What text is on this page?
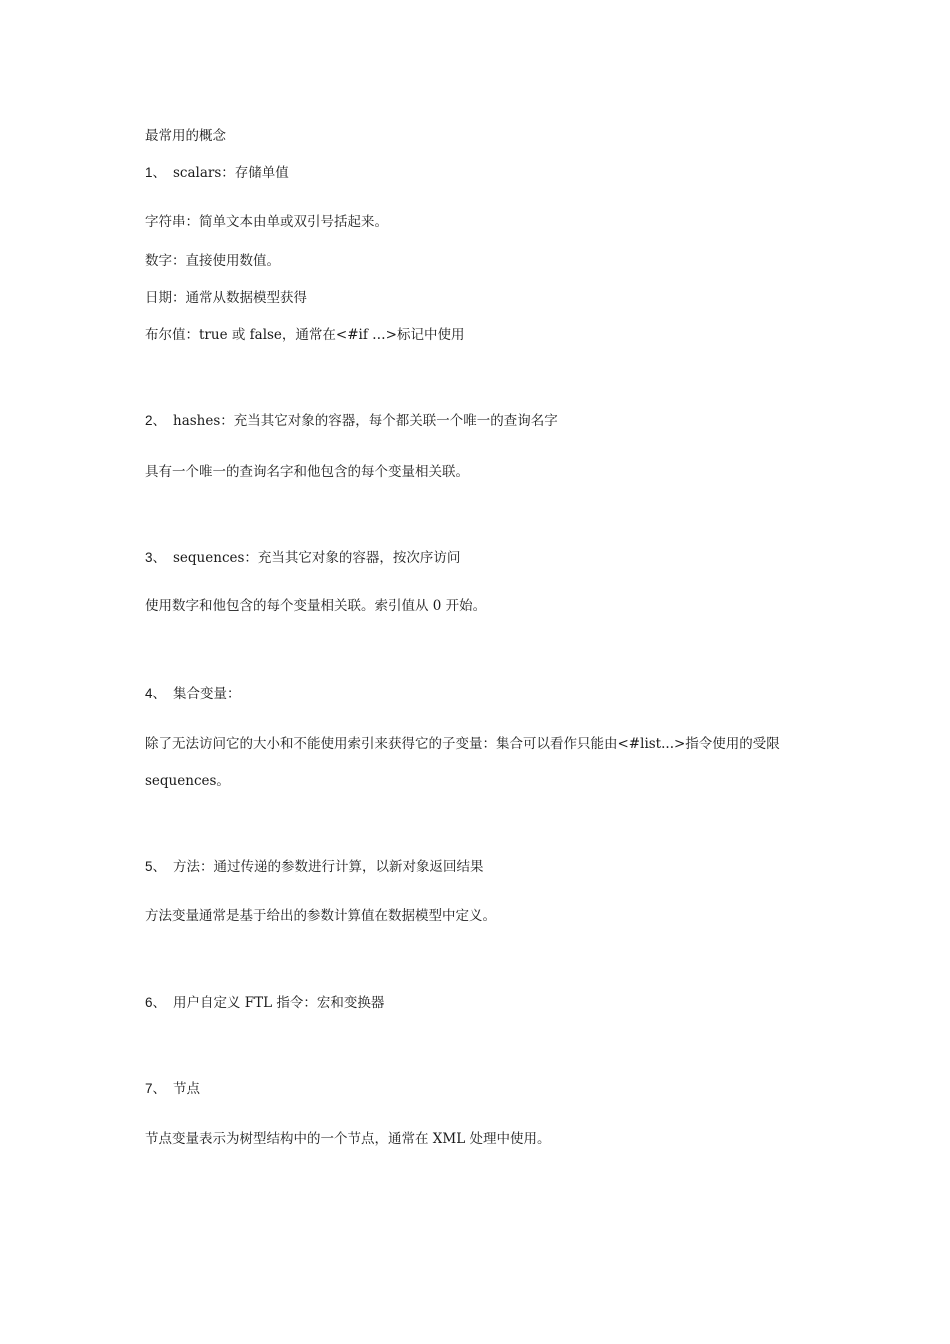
最常用的概念
1、 scalars：存储单值
字符串：简单文本由单或双引号括起来。
数字：直接使用数值。
日期：通常从数据模型获得
布尔值：true 或 false，通常在<#if …>标记中使用
2、 hashes：充当其它对象的容器，每个都关联一个唯一的查询名字
具有一个唯一的查询名字和他包含的每个变量相关联。
3、 sequences：充当其它对象的容器，按次序访问
使用数字和他包含的每个变量相关联。索引值从 0 开始。
4、 集合变量：
除了无法访问它的大小和不能使用索引来获得它的子变量：集合可以看作只能由<#list...>指令使用的受限
sequences。
5、 方法：通过传递的参数进行计算，以新对象返回结果
方法变量通常是基于给出的参数计算值在数据模型中定义。
6、 用户自定义 FTL 指令：宏和变换器
7、 节点
节点变量表示为树型结构中的一个节点，通常在 XML 处理中使用。
